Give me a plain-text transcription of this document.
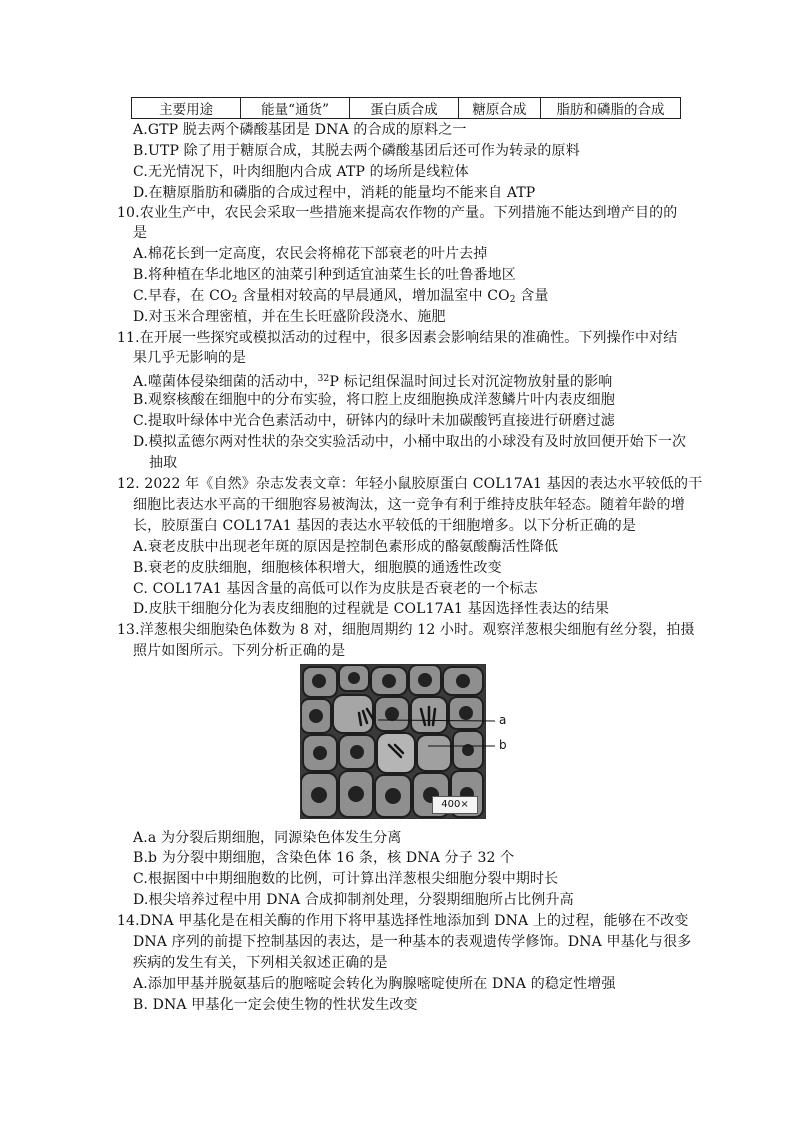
主要用途	能量“通货”	蛋白质合成	糖原合成	脂肪和磷脂的合成
A.GTP 脱去两个磷酸基团是 DNA 的合成的原料之一
B.UTP 除了用于糖原合成，其脱去两个磷酸基团后还可作为转录的原料
C.无光情况下，叶肉细胞内合成 ATP 的场所是线粒体
D.在糖原脂肪和磷脂的合成过程中，消耗的能量均不能来自 ATP
10.农业生产中，农民会采取一些措施来提高农作物的产量。下列措施不能达到增产目的的
是
A.棉花长到一定高度，农民会将棉花下部衰老的叶片去掉
B.将种植在华北地区的油菜引种到适宜油菜生长的吐鲁番地区
C.早春，在 $CO_2$ 含量相对较高的早晨通风，增加温室中 $CO_2$ 含量
D.对玉米合理密植，并在生长旺盛阶段浇水、施肥
11.在开展一些探究或模拟活动的过程中，很多因素会影响结果的准确性。下列操作中对结
果几乎无影响的是
A.噬菌体侵染细菌的活动中，$^{32}$P 标记组保温时间过长对沉淀物放射量的影响
B.观察核酸在细胞中的分布实验，将口腔上皮细胞换成洋葱鳞片叶内表皮细胞
C.提取叶绿体中光合色素活动中，研钵内的绿叶未加碳酸钙直接进行研磨过滤
D.模拟孟德尔两对性状的杂交实验活动中，小桶中取出的小球没有及时放回便开始下一次
抽取
12. 2022 年《自然》杂志发表文章：年轻小鼠胶原蛋白 COL17A1 基因的表达水平较低的干
细胞比表达水平高的干细胞容易被淘汰，这一竞争有利于维持皮肤年轻态。随着年龄的增
长，胶原蛋白 COL17A1 基因的表达水平较低的干细胞增多。以下分析正确的是
A.衰老皮肤中出现老年斑的原因是控制色素形成的酪氨酸酶活性降低
B.衰老的皮肤细胞，细胞核体积增大，细胞膜的通透性改变
C. COL17A1 基因含量的高低可以作为皮肤是否衰老的一个标志
D.皮肤干细胞分化为表皮细胞的过程就是 COL17A1 基因选择性表达的结果
13.洋葱根尖细胞染色体数为 8 对，细胞周期约 12 小时。观察洋葱根尖细胞有丝分裂，拍摄
照片如图所示。下列分析正确的是
a
b
400×
A.a 为分裂后期细胞，同源染色体发生分离
B.b 为分裂中期细胞，含染色体 16 条，核 DNA 分子 32 个
C.根据图中中期细胞数的比例，可计算出洋葱根尖细胞分裂中期时长
D.根尖培养过程中用 DNA 合成抑制剂处理，分裂期细胞所占比例升高
14.DNA 甲基化是在相关酶的作用下将甲基选择性地添加到 DNA 上的过程，能够在不改变
DNA 序列的前提下控制基因的表达，是一种基本的表观遗传学修饰。DNA 甲基化与很多
疾病的发生有关，下列相关叙述正确的是
A.添加甲基并脱氨基后的胞嘧啶会转化为胸腺嘧啶使所在 DNA 的稳定性增强
B. DNA 甲基化一定会使生物的性状发生改变
